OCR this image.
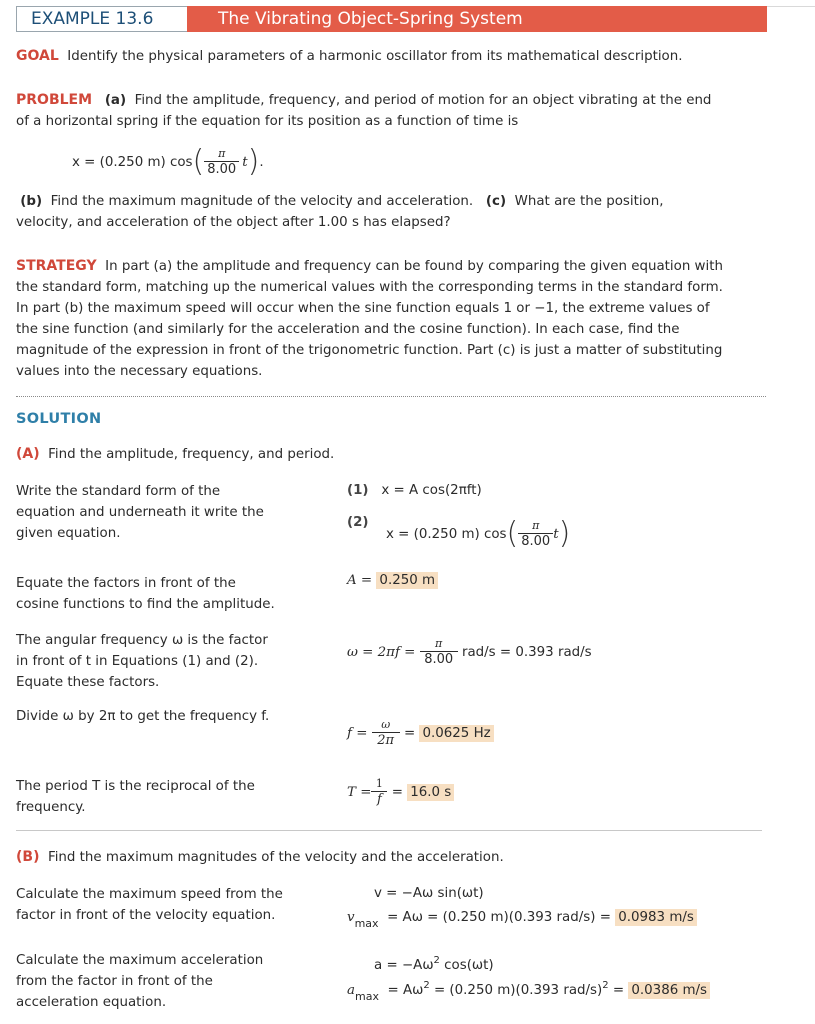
EXAMPLE 13.6	The Vibrating Object-Spring System
GOAL Identify the physical parameters of a harmonic oscillator from its mathematical description.
PROBLEM (a) Find the amplitude, frequency, and period of motion for an object vibrating at the end
of a horizontal spring if the equation for its position as a function of time is
x = (0.250 m) cos ( $\frac{\pi}{8.00}$ t ) .
(b) Find the maximum magnitude of the velocity and acceleration. (c) What are the position,
velocity, and acceleration of the object after 1.00 s has elapsed?
STRATEGY In part (a) the amplitude and frequency can be found by comparing the given equation with
the standard form, matching up the numerical values with the corresponding terms in the standard form.
In part (b) the maximum speed will occur when the sine function equals 1 or −1, the extreme values of
the sine function (and similarly for the acceleration and the cosine function). In each case, find the
magnitude of the expression in front of the trigonometric function. Part (c) is just a matter of substituting
values into the necessary equations.
SOLUTION
(A) Find the amplitude, frequency, and period.
Write the standard form of the
equation and underneath it write the
given equation.
(1) x = A cos(2πft)
(2)
x = (0.250 m) cos ( $\frac{\pi}{8.00}$ t )
Equate the factors in front of the
cosine functions to find the amplitude.
A = 0.250 m
The angular frequency ω is the factor
in front of t in Equations (1) and (2).
Equate these factors.
ω = 2πf =
$\frac{\pi}{8.00}$
rad/s = 0.393 rad/s
Divide ω by 2π to get the frequency f.
f =
$\frac{\omega}{2\pi}$
=
0.0625 Hz
The period T is the reciprocal of the
frequency.
$T = \frac{1}{f}$
=
16.0 s
(B) Find the maximum magnitudes of the velocity and the acceleration.
Calculate the maximum speed from the
factor in front of the velocity equation.
v = −Aω sin(ωt)
$v_{max} = A\omega = (0.250$ m)(0.393 rad/s) = 0.0983 m/s
Calculate the maximum acceleration
from the factor in front of the
acceleration equation.
$a = -A\omega^2$ cos(ωt)
$a_{max} = A\omega^2 = (0.250$ m)(0.393 rad/s)$^2$ = 0.0386 m/s
